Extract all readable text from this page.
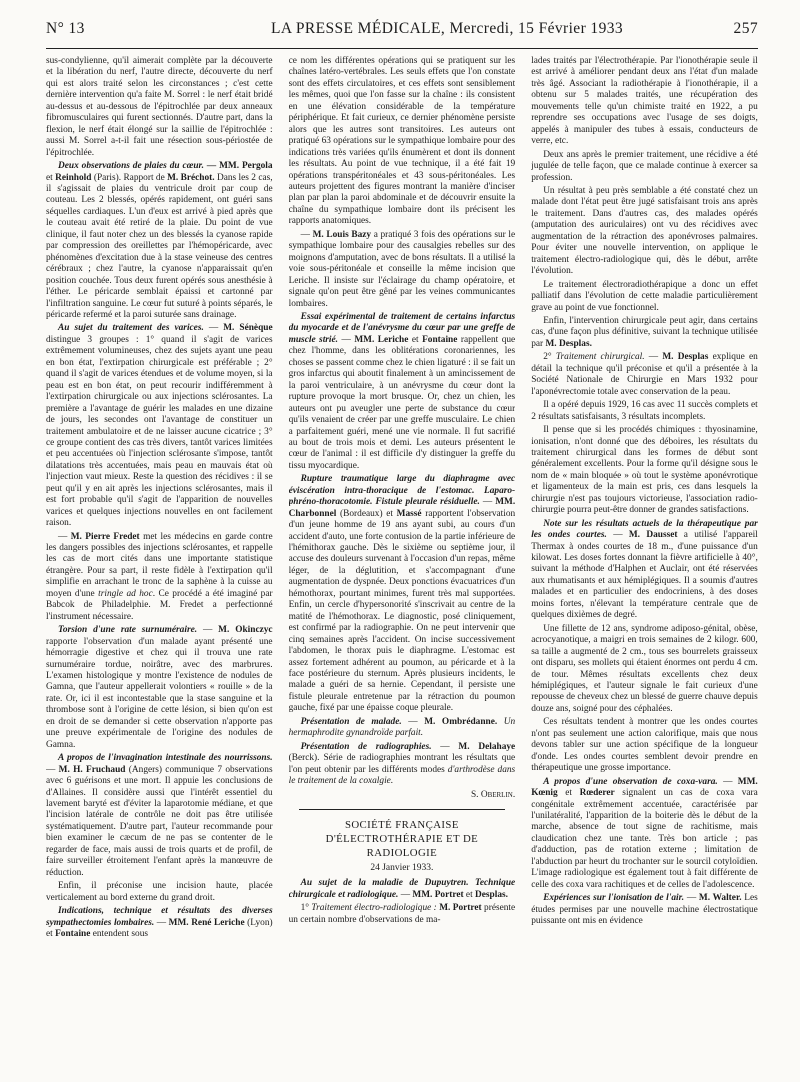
N° 13	LA PRESSE MÉDICALE, Mercredi, 15 Février 1933	257

sus-condylienne, qu'il aimerait complète par la découverte et la libération du nerf, l'autre directe, découverte du nerf qui est alors traité selon les circonstances ; c'est cette dernière intervention qu'a faite M. Sorrel : le nerf était bridé au-dessus et au-dessous de l'épitrochlée par deux anneaux fibromusculaires qui furent sectionnés. D'autre part, dans la flexion, le nerf était élongé sur la saillie de l'épitrochlée : aussi M. Sorrel a-t-il fait une résection sous-périostée de l'épitrochlée.

Deux observations de plaies du cœur. — MM. Pergola et Reinhold (Paris). Rapport de M. Bréchot. Dans les 2 cas, il s'agissait de plaies du ventricule droit par coup de couteau. Les 2 blessés, opérés rapidement, ont guéri sans séquelles cardiaques. L'un d'eux est arrivé à pied après que le couteau avait été retiré de la plaie. Du point de vue clinique, il faut noter chez un des blessés la cyanose rapide par compression des oreillettes par l'hémopéricarde, avec phénomènes d'excitation due à la stase veineuse des centres cérébraux ; chez l'autre, la cyanose n'apparaissait qu'en position couchée. Tous deux furent opérés sous anesthésie à l'éther. Le péricarde semblait épaissi et cartonné par l'infiltration sanguine. Le cœur fut suturé à points séparés, le péricarde refermé et la paroi suturée sans drainage.

Au sujet du traitement des varices. — M. Sénèque distingue 3 groupes : 1° quand il s'agit de varices extrêmement volumineuses, chez des sujets ayant une peau en bon état, l'extirpation chirurgicale est préférable ; 2° quand il s'agit de varices étendues et de volume moyen, si la peau est en bon état, on peut recourir indifféremment à l'extirpation chirurgicale ou aux injections sclérosantes. La première a l'avantage de guérir les malades en une dizaine de jours, les secondes ont l'avantage de constituer un traitement ambulatoire et de ne laisser aucune cicatrice ; 3° ce groupe contient des cas très divers, tantôt varices limitées et peu accentuées où l'injection sclérosante s'impose, tantôt dilatations très accentuées, mais peau en mauvais état où l'injection vaut mieux. Reste la question des récidives : il se peut qu'il y en ait après les injections sclérosantes, mais il est fort probable qu'il s'agit de l'apparition de nouvelles varices et quelques injections nouvelles en ont facilement raison.

— M. Pierre Fredet met les médecins en garde contre les dangers possibles des injections sclérosantes, et rappelle les cas de mort cités dans une importante statistique étrangère. Pour sa part, il reste fidèle à l'extirpation qu'il simplifie en arrachant le tronc de la saphène à la cuisse au moyen d'une tringle ad hoc. Ce procédé a été imaginé par Babcok de Philadelphie. M. Fredet a perfectionné l'instrument nécessaire.

Torsion d'une rate surnuméraire. — M. Okinczyc rapporte l'observation d'un malade ayant présenté une hémorragie digestive et chez qui il trouva une rate surnuméraire tordue, noirâtre, avec des marbrures. L'examen histologique y montre l'existence de nodules de Gamna, que l'auteur appellerait volontiers « rouille » de la rate. Or, ici il est incontestable que la stase sanguine et la thrombose sont à l'origine de cette lésion, si bien qu'on est en droit de se demander si cette observation n'apporte pas une preuve expérimentale de l'origine des nodules de Gamna.

A propos de l'invagination intestinale des nourrissons. — M. H. Fruchaud (Angers) communique 7 observations avec 6 guérisons et une mort. Il appuie les conclusions de d'Allaines. Il considère aussi que l'intérêt essentiel du lavement baryté est d'éviter la laparotomie médiane, et que l'incision latérale de contrôle ne doit pas être utilisée systématiquement. D'autre part, l'auteur recommande pour bien examiner le cæcum de ne pas se contenter de le regarder de face, mais aussi de trois quarts et de profil, de faire surveiller étroitement l'enfant après la manœuvre de réduction.

Enfin, il préconise une incision haute, placée verticalement au bord externe du grand droit.

Indications, technique et résultats des diverses sympathectomies lombaires. — MM. René Leriche (Lyon) et Fontaine entendent sous

ce nom les différentes opérations qui se pratiquent sur les chaînes latéro-vertébrales. Les seuls effets que l'on constate sont des effets circulatoires, et ces effets sont sensiblement les mêmes, quoi que l'on fasse sur la chaîne : ils consistent en une élévation considérable de la température périphérique. Et fait curieux, ce dernier phénomène persiste alors que les autres sont transitoires. Les auteurs ont pratiqué 63 opérations sur le sympathique lombaire pour des indications très variées qu'ils énumèrent et dont ils donnent les résultats. Au point de vue technique, il a été fait 19 opérations transpéritonéales et 43 sous-péritonéales. Les auteurs projettent des figures montrant la manière d'inciser plan par plan la paroi abdominale et de découvrir ensuite la chaîne du sympathique lombaire dont ils précisent les rapports anatomiques.

— M. Louis Bazy a pratiqué 3 fois des opérations sur le sympathique lombaire pour des causalgies rebelles sur des moignons d'amputation, avec de bons résultats. Il a utilisé la voie sous-péritonéale et conseille la même incision que Leriche. Il insiste sur l'éclairage du champ opératoire, et signale qu'on peut être gêné par les veines communicantes lombaires.

Essai expérimental de traitement de certains infarctus du myocarde et de l'anévrysme du cœur par une greffe de muscle strié. — MM. Leriche et Fontaine rappellent que chez l'homme, dans les oblitérations coronariennes, les choses se passent comme chez le chien ligaturé : il se fait un gros infarctus qui aboutit finalement à un amincissement de la paroi ventriculaire, à un anévrysme du cœur dont la rupture provoque la mort brusque. Or, chez un chien, les auteurs ont pu aveugler une perte de substance du cœur qu'ils venaient de créer par une greffe musculaire. Le chien a parfaitement guéri, mené une vie normale. Il fut sacrifié au bout de trois mois et demi. Les auteurs présentent le cœur de l'animal : il est difficile d'y distinguer la greffe du tissu myocardique.

Rupture traumatique large du diaphragme avec éviscération intra-thoracique de l'estomac. Laparo-phréno-thoracotomie. Fistule pleurale résiduelle. — MM. Charbonnel (Bordeaux) et Massé rapportent l'observation d'un jeune homme de 19 ans ayant subi, au cours d'un accident d'auto, une forte contusion de la partie inférieure de l'hémithorax gauche. Dès le sixième ou septième jour, il accuse des douleurs survenant à l'occasion d'un repas, même léger, de la déglutition, et s'accompagnant d'une augmentation de dyspnée. Deux ponctions évacuatrices d'un hémothorax, pourtant minimes, furent très mal supportées. Enfin, un cercle d'hypersonorité s'inscrivait au centre de la matité de l'hémothorax. Le diagnostic, posé cliniquement, est confirmé par la radiographie. On ne peut intervenir que cinq semaines après l'accident. On incise successivement l'abdomen, le thorax puis le diaphragme. L'estomac est assez fortement adhérent au poumon, au péricarde et à la face postérieure du sternum. Après plusieurs incidents, le malade a guéri de sa hernie. Cependant, il persiste une fistule pleurale entretenue par la rétraction du poumon gauche, fixé par une épaisse coque pleurale.

Présentation de malade. — M. Ombrédanne. Un hermaphrodite gynandroïde parfait.

Présentation de radiographies. — M. Delahaye (Berck). Série de radiographies montrant les résultats que l'on peut obtenir par les différents modes d'arthrodèse dans le traitement de la coxalgie.

S. Oberlin.

SOCIÉTÉ FRANÇAISE
D'ÉLECTROTHÉRAPIE ET DE RADIOLOGIE
24 Janvier 1933.

Au sujet de la maladie de Dupuytren. Technique chirurgicale et radiologique. — MM. Portret et Desplas.

1° Traitement électro-radiologique : M. Portret présente un certain nombre d'observations de ma-

lades traités par l'électrothérapie. Par l'ionothérapie seule il est arrivé à améliorer pendant deux ans l'état d'un malade très âgé. Associant la radiothérapie à l'ionothérapie, il a obtenu sur 5 malades traités, une récupération des mouvements telle qu'un chimiste traité en 1922, a pu reprendre ses occupations avec l'usage de ses doigts, appelés à manipuler des tubes à essais, conducteurs de verre, etc.

Deux ans après le premier traitement, une récidive a été jugulée de telle façon, que ce malade continue à exercer sa profession.

Un résultat à peu près semblable a été constaté chez un malade dont l'état peut être jugé satisfaisant trois ans après le traitement. Dans d'autres cas, des malades opérés (amputation des auriculaires) ont vu des récidives avec augmentation de la rétraction des aponévroses palmaires. Pour éviter une nouvelle intervention, on applique le traitement électro-radiologique qui, dès le début, arrête l'évolution.

Le traitement électroradiothérapique a donc un effet palliatif dans l'évolution de cette maladie particulièrement grave au point de vue fonctionnel.

Enfin, l'intervention chirurgicale peut agir, dans certains cas, d'une façon plus définitive, suivant la technique utilisée par M. Desplas.

2° Traitement chirurgical. — M. Desplas explique en détail la technique qu'il préconise et qu'il a présentée à la Société Nationale de Chirurgie en Mars 1932 pour l'aponévrectomie totale avec conservation de la peau.

Il a opéré depuis 1929, 16 cas avec 11 succès complets et 2 résultats satisfaisants, 3 résultats incomplets.

Il pense que si les procédés chimiques : thyosinamine, ionisation, n'ont donné que des déboires, les résultats du traitement chirurgical dans les formes de début sont généralement excellents. Pour la forme qu'il désigne sous le nom de « main bloquée » où tout le système aponévrotique et ligamenteux de la main est pris, ces dans lesquels la chirurgie n'est pas toujours victorieuse, l'association radio-chirurgie pourra peut-être donner de grandes satisfactions.

Note sur les résultats actuels de la thérapeutique par les ondes courtes. — M. Dausset a utilisé l'appareil Thermax à ondes courtes de 18 m., d'une puissance d'un kilowat. Les doses fortes donnant la fièvre artificielle à 40°, suivant la méthode d'Halphen et Auclair, ont été réservées aux rhumatisants et aux hémiplégiques. Il a soumis d'autres malades et en particulier des endocriniens, à des doses moins fortes, n'élevant la température centrale que de quelques dixièmes de degré.

Une fillette de 12 ans, syndrome adiposo-génital, obèse, acrocyanotique, a maigri en trois semaines de 2 kilogr. 600, sa taille a augmenté de 2 cm., tous ses bourrelets graisseux ont disparu, ses mollets qui étaient énormes ont perdu 4 cm. de tour. Mêmes résultats excellents chez deux hémiplégiques, et l'auteur signale le fait curieux d'une repousse de cheveux chez un blessé de guerre chauve depuis douze ans, soigné pour des céphalées.

Ces résultats tendent à montrer que les ondes courtes n'ont pas seulement une action calorifique, mais que nous devons tabler sur une action spécifique de la longueur d'onde. Les ondes courtes semblent devoir prendre en thérapeutique une grosse importance.

A propos d'une observation de coxa-vara. — MM. Kœnig et Rœderer signalent un cas de coxa vara congénitale extrêmement accentuée, caractérisée par l'unilatéralité, l'apparition de la boiterie dès le début de la marche, absence de tout signe de rachitisme, mais claudication chez une tante. Très bon article ; pas d'adduction, pas de rotation externe ; limitation de l'abduction par heurt du trochanter sur le sourcil cotyloïdien. L'image radiologique est également tout à fait différente de celle des coxa vara rachitiques et de celles de l'adolescence.

Expériences sur l'ionisation de l'air. — M. Walter. Les études permises par une nouvelle machine électrostatique puissante ont mis en évidence
